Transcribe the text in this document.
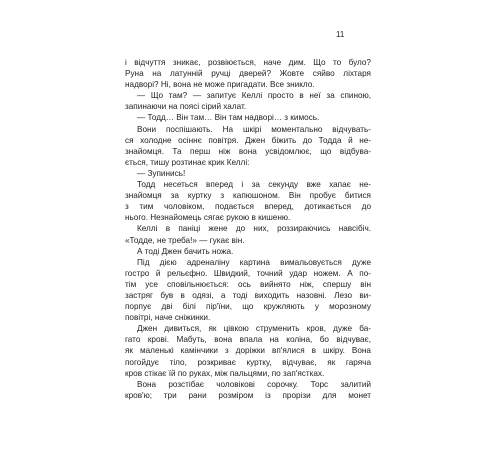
11
і відчуття зникає, розвіюється, наче дим. Що то було?
Руна на латунній ручці дверей? Жовте сяйво ліхтаря
надворі? Ні, вона не може пригадати. Все зникло.
— Що там? — запитує Келлі просто в неї за спиною,
запинаючи на поясі сірий халат.
— Тодд… Він там… Він там надворі… з кимось.
Вони поспішають. На шкірі моментально відчувать-
ся холодне осіннє повітря. Джен біжить до Тодда й не-
знайомця. Та перш ніж вона усвідомлює, що відбува-
ється, тишу розтинає крик Келлі:
— Зупинись!
Тодд несеться вперед і за секунду вже хапає не-
знайомця за куртку з капюшоном. Він пробує битися
з тим чоловіком, подається вперед, дотикається до
нього. Незнайомець сягає рукою в кишеню.
Келлі в паніці жене до них, роззираючись навсібіч.
«Тодде, не треба!» — гукає він.
А тоді Джен бачить ножа.
Під дією адреналіну картина вимальовується дуже
гостро й рельєфно. Швидкий, точний удар ножем. А по-
тім усе сповільнюється: ось вийнято ніж, спершу він
застряг був в одязі, а тоді виходить назовні. Лезо ви-
порпує дві білі пір'їни, що кружляють у морозному
повітрі, наче сніжинки.
Джен дивиться, як цівкою струменить кров, дуже ба-
гато крові. Мабуть, вона впала на коліна, бо відчуває,
як маленькі камінчики з доріжки вп'ялися в шкіру. Вона
погойдує тіло, розкриває куртку, відчуває, як гаряча
кров стікає їй по руках, між пальцями, по зап'ястках.
Вона розстібає чоловікові сорочку. Торс залитий
кров'ю; три рани розміром із прорізи для монет
